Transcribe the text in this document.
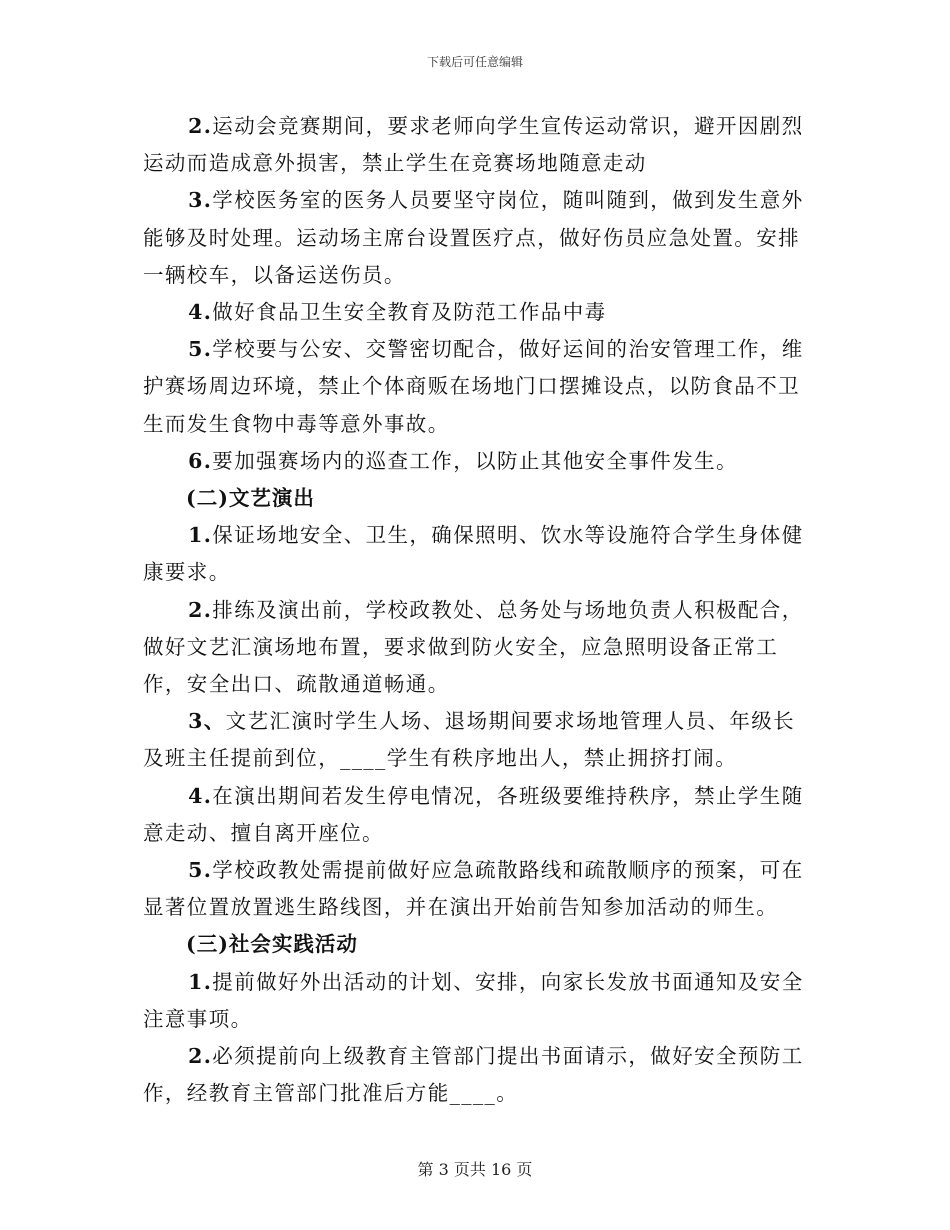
下载后可任意编辑

2.运动会竞赛期间，要求老师向学生宣传运动常识，避开因剧烈运动而造成意外损害，禁止学生在竞赛场地随意走动

3.学校医务室的医务人员要坚守岗位，随叫随到，做到发生意外能够及时处理。运动场主席台设置医疗点，做好伤员应急处置。安排一辆校车，以备运送伤员。

4.做好食品卫生安全教育及防范工作品中毒

5.学校要与公安、交警密切配合，做好运间的治安管理工作，维护赛场周边环境，禁止个体商贩在场地门口摆摊设点，以防食品不卫生而发生食物中毒等意外事故。

6.要加强赛场内的巡查工作，以防止其他安全事件发生。

(二)文艺演出

1.保证场地安全、卫生，确保照明、饮水等设施符合学生身体健康要求。

2.排练及演出前，学校政教处、总务处与场地负责人积极配合，做好文艺汇演场地布置，要求做到防火安全，应急照明设备正常工作，安全出口、疏散通道畅通。

3、文艺汇演时学生人场、退场期间要求场地管理人员、年级长及班主任提前到位，____学生有秩序地出人，禁止拥挤打闹。

4.在演出期间若发生停电情况，各班级要维持秩序，禁止学生随意走动、擅自离开座位。

5.学校政教处需提前做好应急疏散路线和疏散顺序的预案，可在显著位置放置逃生路线图，并在演出开始前告知参加活动的师生。

(三)社会实践活动

1.提前做好外出活动的计划、安排，向家长发放书面通知及安全注意事项。

2.必须提前向上级教育主管部门提出书面请示，做好安全预防工作，经教育主管部门批准后方能____。

第 3 页共 16 页
